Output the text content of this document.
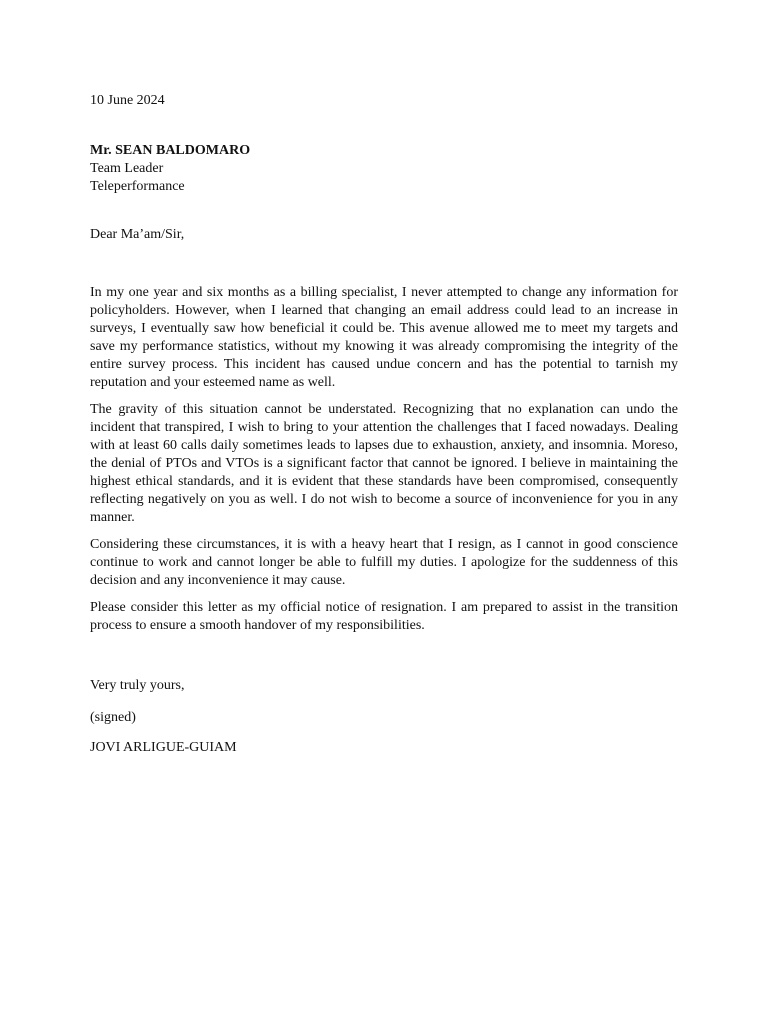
10 June 2024

Mr. SEAN BALDOMARO
Team Leader
Teleperformance

Dear Ma’am/Sir,

In my one year and six months as a billing specialist, I never attempted to change any information for policyholders. However, when I learned that changing an email address could lead to an increase in surveys, I eventually saw how beneficial it could be. This avenue allowed me to meet my targets and save my performance statistics, without my knowing it was already compromising the integrity of the entire survey process. This incident has caused undue concern and has the potential to tarnish my reputation and your esteemed name as well.

The gravity of this situation cannot be understated. Recognizing that no explanation can undo the incident that transpired, I wish to bring to your attention the challenges that I faced nowadays. Dealing with at least 60 calls daily sometimes leads to lapses due to exhaustion, anxiety, and insomnia. Moreso, the denial of PTOs and VTOs is a significant factor that cannot be ignored. I believe in maintaining the highest ethical standards, and it is evident that these standards have been compromised, consequently reflecting negatively on you as well. I do not wish to become a source of inconvenience for you in any manner.

Considering these circumstances, it is with a heavy heart that I resign, as I cannot in good conscience continue to work and cannot longer be able to fulfill my duties. I apologize for the suddenness of this decision and any inconvenience it may cause.

Please consider this letter as my official notice of resignation. I am prepared to assist in the transition process to ensure a smooth handover of my responsibilities.

Very truly yours,

(signed)

JOVI ARLIGUE-GUIAM
